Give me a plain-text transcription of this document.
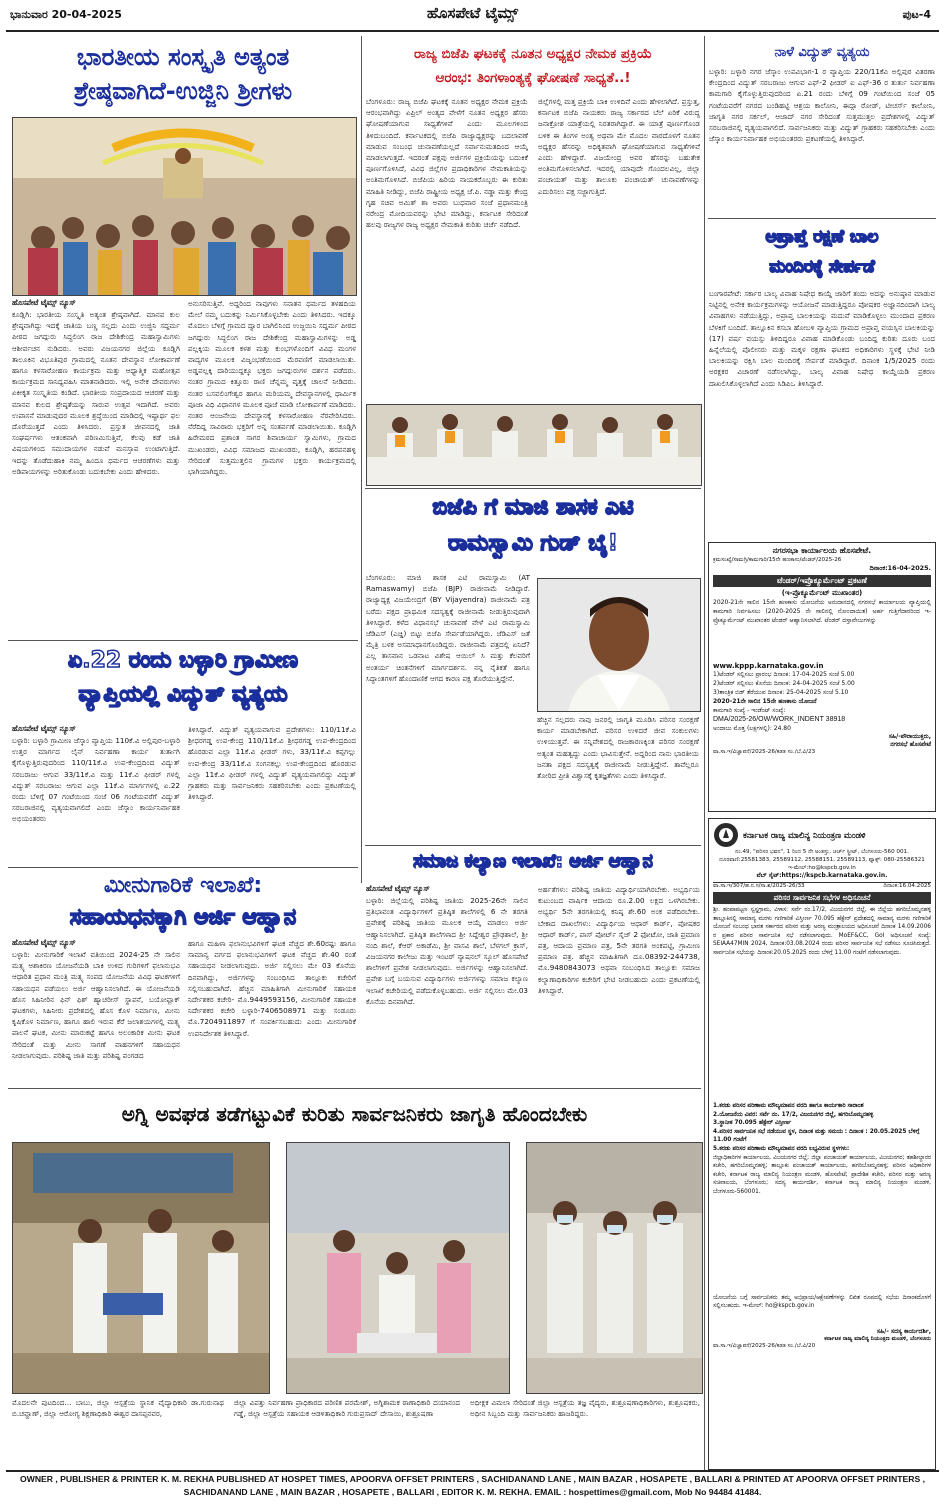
ಭಾನುವಾರ 20-04-2025	ಹೊಸಪೇಟೆ ಟೈಮ್ಸ್	ಪುಟ-4
ಭಾರತೀಯ ಸಂಸ್ಕೃತಿ ಅತ್ಯಂತ
ಶ್ರೇಷ್ಠವಾಗಿದೆ-ಉಜ್ಜಿನಿ ಶ್ರೀಗಳು

ಹೊಸಪೇಟೆ ಟೈಮ್ಸ್ ನ್ಯೂಸ್

ಕೂಡ್ಲಿಗಿ: ಭಾರತೀಯ ಸಂಸ್ಕೃತಿ ಅತ್ಯಂತ ಶ್ರೇಷ್ಠವಾಗಿದೆ. ಮಾನವ ಕುಲ ಶ್ರೇಷ್ಠವಾಗಿದ್ದು ಇದಕ್ಕೆ ಜಾತಿಯ ಬಣ್ಣ ಸಲ್ಲದು ಎಂದು ಉಜ್ಜಿನಿ ಸದ್ದರ್ಮ ಪೀಠದ ಜಗದ್ಗುರು ಸಿದ್ಧಲಿಂಗ ರಾಜ ದೇಶಿಕೇಂದ್ರ ಮಹಾಸ್ವಾಮಿಗಳು ಆಶೀರ್ವಚನ ನುಡಿದರು. ಅವರು ವಿಜಯನಗರ ಜಿಲ್ಲೆಯ ಕೂಡ್ಲಿಗಿ ತಾಲೂಕಿನ ವಿಭೂತಿಪುರ ಗ್ರಾಮದಲ್ಲಿ ನೂತನ ದೇವಸ್ಥಾನ ಲೋಕಾರ್ಪಣೆ ಹಾಗೂ ಕಳಸಾರೋಹಣ ಕಾರ್ಯಕ್ರಮ ಮತ್ತು ಆಧ್ಯಾತ್ಮಿಕ ಮಹೋತ್ಸವ ಕಾರ್ಯಕ್ರಮದ ಸಾನಿಧ್ಯವಹಿಸಿ ಮಾತನಾಡಿದರು. ಇಲ್ಲಿ ಅನೇಕ ದೇವರುಗಳು ಏಕೀಕೃತ ಸಂಸ್ಕೃತಿಯ ಕಂಡಿದೆ. ಭಾರತೀಯ ಸಂಪ್ರದಾಯದ ಆಚರಣೆ ಮತ್ತು ಮಾನವ ಕುಲದ ಶ್ರೇಷ್ಠತೆಯನ್ನು ಸಾರುವ ಉತ್ಸವ ಇದಾಗಿದೆ. ಅವರು ಉಪಾಸನೆ ಮಾಡುವುದರ ಮೂಲಕ ಶ್ರದ್ಧೆಯಿಂದ ಮಾಡಿದಲ್ಲಿ ಇಷ್ಟಾರ್ಥ ಫಲ ದೊರೆಯುತ್ತದೆ ಎಂದು ತಿಳಿಸಿದರು. ಪ್ರಸ್ತುತ ಜೀವನದಲ್ಲಿ ಜಾತಿ ಸಂಘರ್ಷಗಳು ಆತಂಕವಾಗಿ ಪರಿಣಮಿಸುತ್ತಿವೆ, ಕೆಲವು ಕಡೆ ಜಾತಿ ವಿಷಯಗಳಿಂದ ಸಮುದಾಯಗಳ ನಡುವೆ ಮನಸ್ತಾಪ ಉಂಟಾಗುತ್ತಿದೆ. ಇದನ್ನು ತೊಡೆದುಹಾಕಿ ನಮ್ಮ ಹಿಂದೂ ಧರ್ಮದ ಆಚರಣೆಗಳು ಮತ್ತು ಅಡಿಪಾಯಗಳನ್ನು ಅರಿತುಕೊಂಡು ಬದುಕಬೇಕು ಎಂದು ಹೇಳಿದರು.

ಅನುಸರಿಸುತ್ತಿವೆ. ಅದ್ದರಿಂದ ನಾವುಗಳು ಸನಾತನ ಧರ್ಮದ ತಳಹದಿಯ ಮೇಲೆ ನಮ್ಮ ಬದುಕನ್ನು ನಿರ್ಮಿಸಿಕೊಳ್ಳಬೇಕು ಎಂದು ತಿಳಿಸಿದರು. ಇದಕ್ಕೂ ಮೊದಲು ಬೆಳಿಗ್ಗೆ ಗ್ರಾಮದ ದ್ವಾರ ಬಾಗಿಲಿನಿಂದ ಉಜ್ಜಯಿನಿ ಸದ್ದರ್ಮ ಪೀಠದ ಜಗದ್ಗುರು ಸಿದ್ಧಲಿಂಗ ರಾಜ ದೇಶಿಕೇಂದ್ರ ಮಹಾಸ್ವಾಮಿಗಳನ್ನು ಅಡ್ಡ ಪಲ್ಲಕ್ಕಿಯ ಮೂಲಕ ಕಳಶ ಮತ್ತು ಕುಂಭಗಳೊಂದಿಗೆ ವಿವಿಧ ಮಂಗಳ ವಾದ್ಯಗಳ ಮೂಲಕ ವಿಜೃಂಭಣೆಯಿಂದ ಮೆರವಣಿಗೆ ಮಾಡಲಾಯಿತು. ಅಡ್ಡಪಲ್ಲಕ್ಕಿ ದಾರಿಯುದ್ದಕ್ಕೂ ಭಕ್ತರು ಜಗದ್ಗುರುಗಳ ದರ್ಶನ ಪಡೆದರು. ನಂತರ ಗ್ರಾಮದ ಕಿತ್ತೂರು ರಾಣಿ ಚೆನ್ನಮ್ಮ ವೃತ್ತಕ್ಕೆ ಚಾಲನೆ ನೀಡಿದರು. ನಂತರ ಬಸವಲಿಂಗೇಶ್ವರ ಹಾಗೂ ಮರಿಯಮ್ಮ ದೇವಸ್ಥಾನಗಳಲ್ಲಿ ಧಾರ್ಮಿಕ ಪೂಜಾ ವಿಧಿ ವಿಧಾನಗಳ ಮೂಲಕ ಪೂಜೆ ಮಾಡಿ ಲೋಕಾರ್ಪಣೆ ಮಾಡಿದರು. ನಂತರ ಆಂಜನೇಯ ದೇವಸ್ಥಾನಕ್ಕೆ ಕಳಸಾರೋಹಣ ನೆರವೇರಿಸಿದರು. ನೆರೆದಿದ್ದ ಸಾವಿರಾರು ಭಕ್ತರಿಗೆ ಅನ್ನ ಸಂತರ್ಪಣೆ ಮಾಡಲಾಯಿತು. ಕೂಡ್ಲಿಗಿ ಹಿರೇಮಠದ ಪ್ರಶಾಂತ ಸಾಗರ ಶಿವಾಚಾರ್ಯ ಸ್ವಾಮಿಗಳು, ಗ್ರಾಮದ ಮುಖಂಡರು, ವಿವಿಧ ಸಮಾಜದ ಮುಖಂಡರು, ಕೂಡ್ಲಿಗಿ, ಹರಪನಹಳ್ಳಿ ಸೇರಿದಂತೆ ಸುತ್ತಮುತ್ತಲಿನ ಗ್ರಾಮಗಳ ಭಕ್ತರು ಕಾರ್ಯಕ್ರಮದಲ್ಲಿ ಭಾಗಿಯಾಗಿದ್ದರು.

ಏ.22 ರಂದು ಬಳ್ಳಾರಿ ಗ್ರಾಮೀಣ
ವ್ಯಾಪ್ತಿಯಲ್ಲಿ ವಿದ್ಯುತ್ ವ್ಯತ್ಯಯ

ಹೊಸಪೇಟೆ ಟೈಮ್ಸ್ ನ್ಯೂಸ್

ಬಳ್ಳಾರಿ: ಬಳ್ಳಾರಿ ಗ್ರಾಮೀಣ ಜೆಸ್ಕಾಂ ವ್ಯಾಪ್ತಿಯ 110ಕೆ.ವಿ ಅಲ್ಲಿಪುರ-ಬಳ್ಳಾರಿ ಉತ್ತರ ಮಾರ್ಗದ ಲೈನ್ ನಿರ್ವಹಣಾ ಕಾರ್ಯ ತುರ್ತಾಗಿ ಕೈಗೊಳ್ಳುತ್ತಿರುವುದರಿಂದ 110/11ಕೆ.ವಿ ಉಪ-ಕೇಂದ್ರದಿಂದ ವಿದ್ಯುತ್ ಸರಬರಾಜು ಆಗುವ 33/11ಕೆ.ವಿ ಮತ್ತು 11ಕೆ.ವಿ ಫೀಡರ್ ಗಳಲ್ಲಿ ವಿದ್ಯುತ್ ಸರಬರಾಜು ಆಗುವ ಎಲ್ಲಾ 11ಕೆ.ವಿ ಮಾರ್ಗಗಳಲ್ಲಿ ಏ.22 ರಂದು ಬೆಳಿಗ್ಗೆ 07 ಗಂಟೆಯಿಂದ ಸಂಜೆ 06 ಗಂಟೆಯವರೆಗೆ ವಿದ್ಯುತ್ ಸರಬರಾಜಿನಲ್ಲಿ ವ್ಯತ್ಯಯವಾಗಲಿದೆ ಎಂದು ಜೆಸ್ಕಾಂ ಕಾರ್ಯನಿರ್ವಾಹಕ ಅಭಿಯಂತರರು

ತಿಳಿಸಿದ್ದಾರೆ. ವಿದ್ಯುತ್ ವ್ಯತ್ಯಯವಾಗುವ ಪ್ರದೇಶಗಳು: 110/11ಕೆ.ವಿ ಶ್ರೀಧರಗಡ್ಡ ಉಪ-ಕೇಂದ್ರ 110/11ಕೆ.ವಿ ಶ್ರೀಧರಗಡ್ಡ ಉಪ-ಕೇಂದ್ರದಿಂದ ಹೊರಡುವ ಎಲ್ಲಾ 11ಕೆ.ವಿ ಫೀಡರ್ ಗಳು, 33/11ಕೆ.ವಿ ಕಪ್ಪಗಲ್ಲು ಉಪ-ಕೇಂದ್ರ 33/11ಕೆ.ವಿ ಸಂಗನಕಲ್ಲು ಉಪ-ಕೇಂದ್ರದಿಂದ ಹೊರಡುವ ಎಲ್ಲಾ 11ಕೆ.ವಿ ಫೀಡರ್ ಗಳಲ್ಲಿ ವಿದ್ಯುತ್ ವ್ಯತ್ಯಯವಾಗಲಿದ್ದು ವಿದ್ಯುತ್ ಗ್ರಾಹಕರು ಮತ್ತು ಸಾರ್ವಜನಿಕರು ಸಹಕರಿಸಬೇಕು ಎಂದು ಪ್ರಕಟಣೆಯಲ್ಲಿ ತಿಳಿಸಿದ್ದಾರೆ.

ಮೀನುಗಾರಿಕೆ ಇಲಾಖೆ:
ಸಹಾಯಧನಕ್ಕಾಗಿ ಅರ್ಜಿ ಆಹ್ವಾನ

ಹೊಸಪೇಟೆ ಟೈಮ್ಸ್ ನ್ಯೂಸ್

ಬಳ್ಳಾರಿ: ಮೀನುಗಾರಿಕೆ ಇಲಾಖೆ ವತಿಯಿಂದ 2024-25 ನೇ ಸಾಲಿನ ಮತ್ಸ್ಯ ಆಶಾಕಿರಣ ಯೋಜನೆಯಡಿ ಬಾಕಿ ಉಳಿದ ಗುರಿಗಳಿಗೆ ಫಲಾನುಭವಿ ಆಧಾರಿತ ಪ್ರಧಾನ ಮಂತ್ರಿ ಮತ್ಸ್ಯ ಸಂಪದ ಯೋಜನೆಯ ವಿವಿಧ ಘಟಕಗಳಿಗೆ ಸಹಾಯಧನ ಪಡೆಯಲು ಅರ್ಜಿ ಆಹ್ವಾನಿಸಲಾಗಿದೆ. ಈ ಯೋಜನೆಯಡಿ ಹೊಸ ಸಿಹಿನೀರಿನ ಫಿನ್ ಫಿಶ್ ಹ್ಯಾಚರೀಸ್ ಸ್ಥಾಪನೆ, ಬಯೋಫ್ಲಾಕ್ ಘಟಕಗಳು, ಸಿಹಿನೀರು ಪ್ರದೇಶದಲ್ಲಿ ಹೊಸ ಕೊಳ ನಿರ್ಮಾಣ, ಮೀನು ಕೃಷಿಕೊಳ ನಿರ್ಮಾಣ, ಹಾಗೂ ಹಾಲಿ ಇರುವ ಕೆರೆ ಜಲಾಶಯಗಳಲ್ಲಿ ಮತ್ಸ್ಯ ಪಾಲನೆ ಘಟಕ, ಮೀನು ಮಾರುಕಟ್ಟೆ ಹಾಗೂ ಅಲಂಕಾರಿಕ ಮೀನು ಘಟಕ ಸೇರಿದಂತೆ ಮತ್ತು ಮೀನು ಸಾಗಣೆ ವಾಹನಗಳಿಗೆ ಸಹಾಯಧನ ನೀಡಲಾಗುವುದು. ಪರಿಶಿಷ್ಟ ಜಾತಿ ಮತ್ತು ಪರಿಶಿಷ್ಟ ಪಂಗಡದ

ಹಾಗೂ ಮಹಿಳಾ ಫಲಾನುಭವಿಗಳಿಗೆ ಘಟಕ ವೆಚ್ಚದ ಶೇ.60ರಷ್ಟು ಹಾಗೂ ಸಾಮಾನ್ಯ ವರ್ಗದ ಫಲಾನುಭವಿಗಳಿಗೆ ಘಟಕ ವೆಚ್ಚದ ಶೇ.40 ರಂತೆ ಸಹಾಯಧನ ನೀಡಲಾಗುವುದು. ಅರ್ಜಿ ಸಲ್ಲಿಸಲು ಮೇ 03 ಕೊನೆಯ ದಿನವಾಗಿದ್ದು, ಅರ್ಜಿಗಳನ್ನು ಸಂಬಂಧಿಸಿದ ತಾಲ್ಲೂಕು ಕಚೇರಿಗೆ ಸಲ್ಲಿಸಬಹುದಾಗಿದೆ. ಹೆಚ್ಚಿನ ಮಾಹಿತಿಗಾಗಿ ಮೀನುಗಾರಿಕೆ ಸಹಾಯಕ ನಿರ್ದೇಶಕರ ಕಚೇರಿ- ಮೊ.9449593156, ಮೀನುಗಾರಿಕೆ ಸಹಾಯಕ ನಿರ್ದೇಶಕರ ಕಚೇರಿ ಬಳ್ಳಾರಿ-7406508971 ಮತ್ತು ಸಂಡೂರು ಮೊ.7204911897 ಗೆ ಸಂಪರ್ಕಿಸಬಹುದು ಎಂದು ಮೀನುಗಾರಿಕೆ ಉಪನಿರ್ದೇಶಕ ತಿಳಿಸಿದ್ದಾರೆ.

ರಾಜ್ಯ ಬಿಜೆಪಿ ಘಟಕಕ್ಕೆ ನೂತನ ಅಧ್ಯಕ್ಷರ ನೇಮಕ ಪ್ರಕ್ರಿಯೆ
ಆರಂಭ: ತಿಂಗಳಾಂತ್ಯಕ್ಕೆ ಘೋಷಣೆ ಸಾಧ್ಯತೆ..!

ಬೆಂಗಳೂರು: ರಾಜ್ಯ ಬಿಜೆಪಿ ಘಟಕಕ್ಕೆ ನೂತನ ಅಧ್ಯಕ್ಷರ ನೇಮಕ ಪ್ರಕ್ರಿಯೆ ಆರಂಭವಾಗಿದ್ದು ಏಪ್ರಿಲ್ ಅಂತ್ಯದ ವೇಳೆಗೆ ನೂತನ ಅಧ್ಯಕ್ಷರ ಹೆಸರು ಘೋಷಣೆಯಾಗುವ ಸಾಧ್ಯತೆಗಳಿವೆ ಎಂದು ಮೂಲಗಳಿಂದ ತಿಳಿದುಬಂದಿದೆ. ಕರ್ನಾಟಕದಲ್ಲಿ ಬಿಜೆಪಿ ರಾಜ್ಯಾಧ್ಯಕ್ಷರನ್ನು ಬದಲಾವಣೆ ಮಾಡುವ ಸಂಬಂಧ ಚುನಾವಣೆಯಲ್ಲದೆ ಸರ್ವಾನುಮತದಿಂದ ಆಯ್ಕೆ ಮಾಡಲಾಗುತ್ತದೆ. ಇದರಂತೆ ಪಕ್ಷವು ಅರ್ಜಿಗಳ ಪ್ರಕ್ರಿಯೆಯನ್ನು ಬದುಕಿಕೆ ಪೂರ್ಣಗೊಳಿಸಿದೆ, ವಿವಿಧ ಜಿಲ್ಲೆಗಳ ಪ್ರದಾಧಿಕಾರಿಗಳ ನೇಮಕಾತಿಯನ್ನು ಅಂತಿಮಗೊಳಿಸಿದೆ. ಬಿಜೆಪಿಯ ಹಿರಿಯ ನಾಯಕರೊಬ್ಬರು ಈ ಕುರಿತು ಮಾಹಿತಿ ನೀಡಿದ್ದು, ಬಿಜೆಪಿ ರಾಷ್ಟ್ರೀಯ ಅಧ್ಯಕ್ಷ ಜೆ.ಪಿ. ನಡ್ಡಾ ಮತ್ತು ಕೇಂದ್ರ ಗೃಹ ಸಚಿವ ಅಮಿತ್ ಶಾ ಅವರು ಬುಧವಾರ ಸಂಜೆ ಪ್ರಧಾನಮಂತ್ರಿ ನರೇಂದ್ರ ಮೋದಿಯವರನ್ನು ಭೇಟಿ ಮಾಡಿದ್ದು, ಕರ್ನಾಟಕ ಸೇರಿದಂತೆ ಹಲವು ರಾಜ್ಯಗಳ ರಾಜ್ಯ ಅಧ್ಯಕ್ಷರ ನೇಮಕಾತಿ ಕುರಿತು ಚರ್ಚೆ ನಡೆದಿದೆ.

ಜಿಲ್ಲೆಗಳಲ್ಲಿ ಮತ್ತ ಪ್ರಕ್ರಿಯೆ ಬಾಕಿ ಉಳಿದಿವೆ ಎಂದು ಹೇಳಲಾಗಿದೆ. ಪ್ರಸ್ತುತ್ತ, ಕರ್ನಾಟಕ ಬಿಜೆಪಿ ನಾಯಕರು ರಾಜ್ಯ ಸರ್ಕಾರದ ಬೆಲೆ ಏರಿಕೆ ವಿರುದ್ಧ ಜನಾಕ್ರೋಶ ಯಾತ್ರೆಯಲ್ಲಿ ನಿರತರಾಗಿದ್ದಾರೆ. ಈ ಯಾತ್ರೆ ಪೂರ್ಣಗೊಂಡ ಬಳಿಕ ಈ ತಿಂಗಳ ಅಂತ್ಯ ಅಥವಾ ಮೇ ಮೊದಲ ವಾರದೊಳಗೆ ನೂತನ ಅಧ್ಯಕ್ಷರ ಹೆಸರನ್ನು ಅಧಿಕೃತವಾಗಿ ಘೋಷಣೆಯಾಗುವ ಸಾಧ್ಯತೆಗಳಿವೆ ಎಂದು ಹೇಳಿದ್ದಾರೆ. ವಿಜಯೇಂದ್ರ ಅವರ ಹೆಸರನ್ನು ಬಹುತೇಕ ಅಂತಿಮಗೊಳಿಸಲಾಗಿದೆ. ಇದರಲ್ಲಿ ಯಾವುದೇ ಗೊಂದಲವಿಲ್ಲ, ಜಿಲ್ಲಾ ಪಂಚಾಯತ್ ಮತ್ತು ತಾಲೂಕು ಪಂಚಾಯತ್ ಚುನಾವಣೆಗಳನ್ನು ಎದುರಿಸಲು ಪಕ್ಷ ಸಜ್ಜಾಗುತ್ತಿದೆ.

ಬಿಜೆಪಿ ಗೆ ಮಾಜಿ ಶಾಸಕ ಎಟಿ
ರಾಮಸ್ವಾಮಿ ಗುಡ್ ಬೈ!

ಬೆಂಗಳೂರು: ಮಾಜಿ ಶಾಸಕ ಎಟಿ ರಾಮಸ್ವಾಮಿ (AT Ramaswamy) ಬಿಜೆಪಿ (BJP) ರಾಜೀನಾಮೆ ನೀಡಿದ್ದಾರೆ. ರಾಜ್ಯಾಧ್ಯಕ್ಷ ವಿಜಯೇಂದ್ರಗೆ (BY Vijayendra) ರಾಜೀನಾಮೆ ಪತ್ರ ಬರೆದು ಪಕ್ಷದ ಪ್ರಾಥಮಿಕ ಸದಸ್ಯತ್ವಕ್ಕೆ ರಾಜೀನಾಮೆ ನೀಡುತ್ತಿರುವುದಾಗಿ ತಿಳಿಸಿದ್ದಾರೆ. ಕಳೆದ ವಿಧಾನಸಭೆ ಚುನಾವಣೆ ವೇಳೆ ಎಟಿ ರಾಮಸ್ವಾಮಿ ಜೆಡಿಎಸ್ (ಎಚ್ಡಿ) ಬಿಟ್ಟು ಬಿಜೆಪಿ ಸೇರ್ಪಡೆಯಾಗಿದ್ದರು. ಜೆಡಿಎಸ್ ಜತೆ ಮೈತ್ರಿ ಬಳಕ ಅಸಮಾಧಾನಗೊಂಡಿದ್ದರು. ರಾಜೀನಾಮೆ ಪತ್ರದಲ್ಲಿ ಏನಿದೆ? ಎಲ್ಲ ತಾಸವಾನ ಒಡನಾಟ ವಿಶೇಷ ಆಯಿಲ್ ಸಿ ಮತ್ತು ಕೆಲವರಿಗೆ ಅಂತರ್ಯ ಚಿಂತನೆಗಳಿಗೆ ಮಾರ್ಗದರ್ಶನ. ನನ್ನ ನೈತಿಕತೆ ಹಾಗೂ ಸಿದ್ಧಾಂತಗಳಿಗೆ ಹೊಂದಾಣಿಕೆ ಆಗದ ಕಾರಣ ಪಕ್ಷ ತೊರೆಯುತ್ತಿದ್ದೇನೆ.

ಹೆಚ್ಚಿನ ಸಲ್ಲದರು ನಾವು ಜನರಲ್ಲಿ ಜಾಗೃತಿ ಮೂಡಿಸಿ ಪರಿಸರ ಸಂರಕ್ಷಣೆ ಕಾರ್ಯ ಮಾಡಬೇಕಾಗಿದೆ. ಪರಿಸರ ಉಳಿದರೆ ಜೀವ ಸಂಕುಲಗಳು ಉಳಿಯುತ್ತವೆ. ಈ ಸನ್ನಿವೇಶದಲ್ಲಿ ರಾಜಕಾರಣಕ್ಕಿಂತ ಪರಿಸರ ಸಂರಕ್ಷಣೆ ಅತ್ಯಂತ ಮಹತ್ವದ್ದು ಎಂದು ಭಾವಿಸುತ್ತೇನೆ. ಅದ್ದರಿಂದ ನಾನು ಭಾರತೀಯ ಜನತಾ ಪಕ್ಷದ ಸದಸ್ಯತ್ವಕ್ಕೆ ರಾಜೀನಾಮೆ ನೀಡುತ್ತಿದ್ದೇನೆ. ತಾವೆಲ್ಲರೂ ತೋರಿದ ಪ್ರೀತಿ ವಿಶ್ವಾಸಕ್ಕೆ ಕೃತಜ್ಞತೆಗಳು ಎಂದು ತಿಳಿಸಿದ್ದಾರೆ.

ಸಮಾಜ ಕಲ್ಯಾಣ ಇಲಾಖೆ: ಅರ್ಜಿ ಆಹ್ವಾನ

ಹೊಸಪೇಟೆ ಟೈಮ್ಸ್ ನ್ಯೂಸ್

ಬಳ್ಳಾರಿ: ಜಿಲ್ಲೆಯಲ್ಲಿ ಪರಿಶಿಷ್ಟ ಜಾತಿಯ 2025-26ನೇ ಸಾಲಿನ ಪ್ರತಿಭಾವಂತ ವಿದ್ಯಾರ್ಥಿಗಳಿಗೆ ಪ್ರತಿಷ್ಠಿತ ಶಾಲೆಗಳಲ್ಲಿ 6 ನೇ ತರಗತಿ ಪ್ರವೇಶಕ್ಕೆ ಪರಿಶಿಷ್ಟ ಜಾತಿಯ ಮೂಲಕ ಆಯ್ಕೆ ಮಾಡಲು ಅರ್ಜಿ ಆಹ್ವಾನಿಸಲಾಗಿದೆ. ಪ್ರತಿಷ್ಠಿತ ಶಾಲೆಗಳಾದ ಶ್ರೀ ಸಿದ್ದೇಶ್ವರ ಪ್ರೌಢಶಾಲೆ, ಶ್ರೀ ನಂದಿ ಶಾಲೆ, ಕೆಆರ್ ಅಕಾಡೆಮಿ, ಶ್ರೀ ವಾಸವಿ ಶಾಲೆ, ಬೆಳಗಲ್ ಕ್ರಾಸ್, ವಿಜಯನಗರ ಕಾಲೇಜು ಮತ್ತು ಇಂಟರ್ ನ್ಯಾಷನಲ್ ಸ್ಕೂಲ್ ಹೊಸಪೇಟೆ ಶಾಲೆಗಳಿಗೆ ಪ್ರವೇಶ ನೀಡಲಾಗುವುದು. ಅರ್ಜಿಗಳನ್ನು ಆಹ್ವಾನಿಸಲಾಗಿದೆ. ಪ್ರವೇಶ ಬಗ್ಗೆ ಬಯಸುವ ವಿದ್ಯಾರ್ಥಿಗಳು ಅರ್ಜಿಗಳನ್ನು ಸಮಾಜ ಕಲ್ಯಾಣ ಇಲಾಖೆ ಕಚೇರಿಯಲ್ಲಿ ಪಡೆದುಕೊಳ್ಳಬಹುದು. ಅರ್ಜಿ ಸಲ್ಲಿಸಲು ಮೇ.03 ಕೊನೆಯ ದಿನವಾಗಿದೆ.

ಅರ್ಹತೆಗಳು: ಪರಿಶಿಷ್ಟ ಜಾತಿಯ ವಿದ್ಯಾರ್ಥಿಯಾಗಿರಬೇಕು. ಅಭ್ಯರ್ಥಿಯ ಕುಟುಂಬದ ವಾರ್ಷಿಕ ಆದಾಯ ರೂ.2.00 ಲಕ್ಷದ ಒಳಗಿರಬೇಕು. ಅಭ್ಯರ್ಥಿ 5ನೇ ತರಗತಿಯಲ್ಲಿ ಕನಿಷ್ಠ ಶೇ.60 ಅಂಕ ಪಡೆದಿರಬೇಕು. ಬೇಕಾದ ದಾಖಲೆಗಳು: ವಿದ್ಯಾರ್ಥಿಯ ಆಧಾರ್ ಕಾರ್ಡ್, ಪೋಷಕರ ಆಧಾರ್ ಕಾರ್ಡ್, ಪಾಸ್ ಪೋರ್ಟ್ ಸೈಜ್ 2 ಫೋಟೋ, ಜಾತಿ ಪ್ರಮಾಣ ಪತ್ರ, ಆದಾಯ ಪ್ರಮಾಣ ಪತ್ರ, 5ನೇ ತರಗತಿ ಅಂಕಪಟ್ಟಿ, ಗ್ರಾಮೀಣ ಪ್ರಮಾಣ ಪತ್ರ. ಹೆಚ್ಚಿನ ಮಾಹಿತಿಗಾಗಿ ದೂ.08392-244738, ಮೊ.9480843073 ಅಥವಾ ಸಂಬಂಧಿಸಿದ ತಾಲ್ಲೂಕು ಸಮಾಜ ಕಲ್ಯಾಣಾಧಿಕಾರಿಗಳ ಕಚೇರಿಗೆ ಭೇಟಿ ನೀಡಬಹುದು ಎಂದು ಪ್ರಕಟಣೆಯಲ್ಲಿ ತಿಳಿಸಿದ್ದಾರೆ.

ನಾಳೆ ವಿದ್ಯುತ್ ವ್ಯತ್ಯಯ

ಬಳ್ಳಾರಿ: ಬಳ್ಳಾರಿ ನಗರ ಜೆಸ್ಕಾಂ ಉಪವಿಭಾಗ-1 ರ ವ್ಯಾಪ್ತಿಯ 220/11ಕೆವಿ ಅಲ್ಲಿಪುರ ವಿತರಣಾ ಕೇಂದ್ರದಿಂದ ವಿದ್ಯುತ್ ಸರಬರಾಜು ಆಗುವ ಎಫ್-2 ಫೀಡರ್ ಐ ಎಫ್-36 ರ ತುರ್ತು ನಿರ್ವಹಣಾ ಕಾಮಗಾರಿ ಕೈಗೊಳ್ಳುತ್ತಿರುವುದರಿಂದ ಏ.21 ರಂದು ಬೆಳಿಗ್ಗೆ 09 ಗಂಟೆಯಿಂದ ಸಂಜೆ 05 ಗಂಟೆಯವರೆಗೆ ನಗರದ ಬಂಡಿಹಟ್ಟಿ ಆಶ್ರಯ ಕಾಲೋನಿ, ಈದ್ಗಾ ರೋಡ್, ಟೀಚರ್ಸ್ ಕಾಲೋನಿ, ಜಾಗೃತಿ ನಗರ ಸರ್ಕಲ್, ಆಜಾದ್ ನಗರ ಸೇರಿದಂತೆ ಸುತ್ತಮುತ್ತಲ ಪ್ರದೇಶಗಳಲ್ಲಿ ವಿದ್ಯುತ್ ಸರಬರಾಜಿನಲ್ಲಿ ವ್ಯತ್ಯಯವಾಗಲಿದೆ. ಸಾರ್ವಜನಿಕರು ಮತ್ತು ವಿದ್ಯುತ್ ಗ್ರಾಹಕರು ಸಹಕರಿಸಬೇಕು ಎಂದು ಜೆಸ್ಕಾಂ ಕಾರ್ಯನಿರ್ವಾಹಕ ಅಭಿಯಂತರರು ಪ್ರಕಟಣೆಯಲ್ಲಿ ತಿಳಿಸಿದ್ದಾರೆ.

ಅಪ್ರಾಪ್ತೆ ರಕ್ಷಣೆ ಬಾಲ
ಮಂದಿರಕ್ಕೆ ಸೇರ್ಪಡೆ

ಬಂಗಾರಪೇಟೆ: ಸರ್ಕಾರ ಬಾಲ್ಯ ವಿವಾಹ ನಿಷೇಧ ಕಾಯ್ದೆ ಜಾರಿಗೆ ತಂದು ಅದನ್ನು ಅನುಷ್ಠಾನ ಮಾಡುವ ನಿಟ್ಟಿನಲ್ಲಿ ಅನೇಕ ಕಾರ್ಯಕ್ರಮಗಳನ್ನು ಆಯೋಜನೆ ಮಾಡುತ್ತಿದ್ದರೂ ಪೋಷಕರ ಅಜ್ಞಾನದಿಂದಾಗಿ ಬಾಲ್ಯ ವಿವಾಹಗಳು ನಡೆಯುತ್ತಿದ್ದು, ಅಪ್ರಾಪ್ತ ಬಾಲಕಿಯನ್ನು ಮದುವೆ ಮಾಡಿಕೊಳ್ಳಲು ಮುಂದಾದ ಪ್ರಕರಣ ಬೆಳಕಿಗೆ ಬಂದಿದೆ. ತಾಲ್ಲೂಕಿನ ಕಸಬಾ ಹೋಬಳಿ ವ್ಯಾಪ್ತಿಯ ಗ್ರಾಮದ ಅಪ್ರಾಪ್ತ ವಯಸ್ಸಿನ ಬಾಲಕಿಯನ್ನು (17) ವರ್ಷ ವಯಸ್ಸು ತಿಳಿದಿದ್ದರೂ ವಿವಾಹ ಮಾಡಿಕೊಂಡು ಬಂದಿದ್ದ ಕುರಿತು ದೂರು ಬಂದ ಹಿನ್ನೆಲೆಯಲ್ಲಿ ಪೊಲೀಸರು ಮತ್ತು ಮಕ್ಕಳ ರಕ್ಷಣಾ ಘಟಕದ ಅಧಿಕಾರಿಗಳು ಸ್ಥಳಕ್ಕೆ ಭೇಟಿ ನೀಡಿ ಬಾಲಕಿಯನ್ನು ರಕ್ಷಿಸಿ ಬಾಲ ಮಂದಿರಕ್ಕೆ ಸೇರ್ಪಡೆ ಮಾಡಿದ್ದಾರೆ. ದಿನಾಂಕ 1/5/2025 ರಂದು ಅರಕ್ಷಕರ ವಿಚಾರಣೆ ನಡೆಸಲಾಗಿದ್ದು, ಬಾಲ್ಯ ವಿವಾಹ ನಿಷೇಧ ಕಾಯ್ದೆಯಡಿ ಪ್ರಕರಣ ದಾಖಲಿಸಿಕೊಳ್ಳಲಾಗಿದೆ ಎಂದು ಸಿಡಿಪಿಒ ತಿಳಿಸಿದ್ದಾರೆ.

ನಗರಸಭಾ ಕಾರ್ಯಾಲಯ ಹೊಸಪೇಟೆ.
ಕ್ರಮಸಂಖ್ಯೆ/ಸಾಮಗ್ರಿ/ಕಾಮಗಾರಿ/15ನೇ ಹಣಕಾಸು/ಟೆಂಡರ್/2025-26
ದಿನಾಂಕ:16-04-2025.
ಟೆಂಡರ್/ಇಪ್ರೊಕ್ಯೂರ್ಮೆಂಟ್ ಪ್ರಕಟಣೆ
(ಇ-ಪ್ರೊಕ್ಯೂರ್ಮೆಂಟ್ ಮುಖಾಂತರ)
2020-21ನೇ ಸಾಲಿನ 15ನೇ ಹಣಕಾಸು ಯೋಜನೆಯ ಅನುದಾನದಲ್ಲಿ ನಗರಸಭೆ ಕಾರ್ಯಾಲಯ ವ್ಯಾಪ್ತಿಯಲ್ಲಿ ಕಾಮಗಾರಿ ನಿರ್ವಹಿಸಲು (2020-2025 ನೇ ಸಾಲಿನಲ್ಲಿ ನೋಂದಾಯಿತ) ಅರ್ಹ ಗುತ್ತಿಗೆದಾರರಿಂದ ಇ-ಪ್ರೊಕ್ಯೂರ್ಮೆಂಟ್ ಮುಖಾಂತರ ಟೆಂಡರ್ ಆಹ್ವಾನಿಸಲಾಗಿದೆ. ಟೆಂಡರ್ ದಸ್ತಾವೇಜುಗಳನ್ನು
www.kppp.karnataka.gov.in
1)ಟೆಂಡರ್ ಸಲ್ಲಿಸಲು ಪ್ರಾರಂಭ ದಿನಾಂಕ: 17-04-2025 ಸಂಜೆ 5.00
2)ಟೆಂಡರ್ ಸಲ್ಲಿಸಲು ಕೊನೆಯ ದಿನಾಂಕ: 24-04-2025 ಸಂಜೆ 5.00
3)ತಾಂತ್ರಿಕ ಬಿಡ್ ತೆರೆಯುವ ದಿನಾಂಕ: 25-04-2025 ಸಂಜೆ 5.10
2020-21ನೇ ಸಾಲಿನ 15ನೇ ಹಣಕಾಸು ಯೋಜನೆ
ಕಾಮಗಾರಿ ಸಂಖ್ಯೆ - ಇಂಡೆಂಟ್ ಸಂಖ್ಯೆ:
DMA/2025-26/OW/WORK_INDENT 38918
ಅಂದಾಜು ಮೊತ್ತ (ಲಕ್ಷಗಳಲ್ಲಿ): 24.80
ಸಹಿ/-ಪೌರಾಯುಕ್ತರು,
ನಗರಸಭೆ ಹೊಸಪೇಟೆ
ವಾ.ಸಾ.ಇ/ವಿಜ್ಞಾಪನೆ/2025-26/ಕಡತ ಸಂ./ಬೆ.ವಿ/23
ಕರ್ನಾಟಕ ರಾಜ್ಯ ಮಾಲಿನ್ಯ ನಿಯಂತ್ರಣ ಮಂಡಳಿ
ನಂ.49, "ಪರಿಸರ ಭವನ", 1 ರಿಂದ 5 ನೇ ಅಂತಸ್ತು, ಚರ್ಚ್ ಸ್ಟ್ರೀಟ್, ಬೆಂಗಳೂರು-560 001.
ದೂರವಾಣಿ:25581383, 25589112, 25588151, 25589113, ಫ್ಯಾಕ್ಸ್: 080-25586321
ಇ-ಮೇಲ್:ho@kspcb.gov.in
ವೆಬ್ ಸೈಟ್:https://kspcb.karnataka.gov.in.
ವಾ.ಸಾ.ಇ/307/ಹ.ನ.ಸ/ಸಾ.ಶ/2025-26/33	ದಿನಾಂಕ:16.04.2025
ಪರಿಸರ ಸಾರ್ವಜನಿಕ ಸಭೆಗಳ ಅಧಿಸೂಚನೆ
ಶ್ರೀ. ಹಂಪಾಪಟ್ಟಣ ಸ್ವಸ್ಥಗ್ರಾಮ, ವಿಳಾಸ: ಸರ್ವೆ ನಂ.17/2, ವಿಜಯನಗರ ಜಿಲ್ಲೆ, ಈ ಜಿಲ್ಲೆಯ ಹಗರಿಬೊಮ್ಮನಹಳ್ಳಿ ತಾಲ್ಲೂಕಿನಲ್ಲಿ ಸಾಮಾನ್ಯ ಮರಳು ಗಣಿಗಾರಿಕೆ ವಿಸ್ತೀರ್ಣ 70.095 ಹೆಕ್ಟೇರ್ ಪ್ರದೇಶದಲ್ಲಿ ಸಾಮಾನ್ಯ ಮರಳು ಗಣಿಗಾರಿಕೆ ಯೋಜನೆ ಸಂಬಂಧ ಭಾರತ ಸರ್ಕಾರದ ಪರಿಸರ ಮತ್ತು ಅರಣ್ಯ ಮಂತ್ರಾಲಯದ ಅಧಿಸೂಚನೆ ದಿನಾಂಕ 14.09.2006 ರ ಪ್ರಕಾರ ಪರಿಸರ ಸಾರ್ವಜನಿಕ ಸಭೆ ನಡೆಸಲಾಗುವುದು. MoEF&CC, GoI ಅಧಿಸೂಚನೆ ಸಂಖ್ಯೆ: SEIAA47MIN 2024, ದಿನಾಂಕ:03.08.2024 ರಂದು ಪರಿಸರ ಸಾರ್ವಜನಿಕ ಸಭೆ ನಡೆಸಲು ಸೂಚಿಸಿರುತ್ತದೆ. ಸಾರ್ವಜನಿಕ ಸಭೆಯನ್ನು ದಿನಾಂಕ:20.05.2025 ರಂದು ಬೆಳಿಗ್ಗೆ 11.00 ಗಂಟೆಗೆ ನಡೆಸಲಾಗುವುದು.
1.ಕರಡು ಪರಿಸರ ಪರಿಣಾಮ ಮೌಲ್ಯಮಾಪನ ವರದಿ ಹಾಗೂ ಕಾರ್ಯಕಾರಿ ಸಾರಾಂಶ
2.ಯೋಜನೆಯ ವಿವರ: ಸರ್ವೆ ನಂ. 17/2, ವಿಜಯನಗರ ಜಿಲ್ಲೆ, ಹಗರಿಬೊಮ್ಮನಹಳ್ಳಿ
3.ಸ್ಥಾನೀಕ 70.095 ಹೆಕ್ಟೇರ್ ವಿಸ್ತೀರ್ಣ
4.ಪರಿಸರ ಸಾರ್ವಜನಿಕ ಸಭೆ ನಡೆಯುವ ಸ್ಥಳ, ದಿನಾಂಕ ಮತ್ತು ಸಮಯ : ದಿನಾಂಕ : 20.05.2025 ಬೆಳಿಗ್ಗೆ 11.00 ಗಂಟೆಗೆ
5.ಕರಡು ಪರಿಸರ ಪರಿಣಾಮ ಮೌಲ್ಯಮಾಪನ ವರದಿ ಲಭ್ಯವಿರುವ ಸ್ಥಳಗಳು:
ಜಿಲ್ಲಾಧಿಕಾರಿಗಳ ಕಾರ್ಯಾಲಯ, ವಿಜಯನಗರ ಜಿಲ್ಲೆ; ಜಿಲ್ಲಾ ಪಂಚಾಯತ್ ಕಾರ್ಯಾಲಯ, ವಿಜಯನಗರ; ತಹಶೀಲ್ದಾರರ ಕಚೇರಿ, ಹಗರಿಬೊಮ್ಮನಹಳ್ಳಿ; ತಾಲ್ಲೂಕು ಪಂಚಾಯತ್ ಕಾರ್ಯಾಲಯ, ಹಗರಿಬೊಮ್ಮನಹಳ್ಳಿ; ಪರಿಸರ ಅಧಿಕಾರಿಗಳ ಕಚೇರಿ, ಕರ್ನಾಟಕ ರಾಜ್ಯ ಮಾಲಿನ್ಯ ನಿಯಂತ್ರಣ ಮಂಡಳಿ, ಹೊಸಪೇಟೆ; ಪ್ರಾದೇಶಿಕ ಕಚೇರಿ, ಪರಿಸರ ಮತ್ತು ಅರಣ್ಯ ಸಚಿವಾಲಯ, ಬೆಂಗಳೂರು; ಸದಸ್ಯ ಕಾರ್ಯದರ್ಶಿ, ಕರ್ನಾಟಕ ರಾಜ್ಯ ಮಾಲಿನ್ಯ ನಿಯಂತ್ರಣ ಮಂಡಳಿ, ಬೆಂಗಳೂರು-560001.
ಯೋಜನೆಯ ಬಗ್ಗೆ ಸಾರ್ವಜನಿಕರು ತಮ್ಮ ಅಭಿಪ್ರಾಯ/ಆಕ್ಷೇಪಣೆಗಳನ್ನು ಲಿಖಿತ ರೂಪದಲ್ಲಿ ಸಭೆಯ ದಿನಾಂಕದೊಳಗೆ ಸಲ್ಲಿಸಬಹುದು. ಇ-ಮೇಲ್: ho@kspcb.gov.in
ಸಹಿ/- ಸದಸ್ಯ ಕಾರ್ಯದರ್ಶಿ,
ಕರ್ನಾಟಕ ರಾಜ್ಯ ಮಾಲಿನ್ಯ ನಿಯಂತ್ರಣ ಮಂಡಳಿ, ಬೆಂಗಳೂರು
ವಾ.ಸಾ.ಇ/ವಿಜ್ಞಾಪನೆ/2025-26/ಕಡತ ಸಂ./ಬೆ.ವಿ/20
ಅಗ್ನಿ ಅವಘಡ ತಡೆಗಟ್ಟುವಿಕೆ ಕುರಿತು ಸಾರ್ವಜನಿಕರು ಜಾಗೃತಿ ಹೊಂದಬೇಕು

ಮೊದಲನೇ ಪುಟದಿಂದ... ಬಾಬು, ಜಿಲ್ಲಾ ಆಸ್ಪತ್ರೆಯ ಸ್ಥಾನಿಕ ವೈದ್ಯಾಧಿಕಾರಿ ಡಾ.ಗುರುನಾಥ ಬಿ.ಚವ್ಹಾಣ್, ಜಿಲ್ಲಾ ಆರೋಗ್ಯ ಶಿಕ್ಷಣಾಧಿಕಾರಿ ಈಶ್ವರ ದಾಸಪ್ಪನವರ,

ಜಿಲ್ಲಾ ವಿಪತ್ತು ನಿರ್ವಹಣಾ ಪ್ರಾಧಿಕಾರದ ಪರಿಣಿತ ಪರಮೇಶ್, ಅಗ್ನಿಶಾಮಕ ಠಾಣಾಧಿಕಾರಿ ದಯಾನಂದ ಗಡ್ಡೆ, ಜಿಲ್ಲಾ ಆಸ್ಪತ್ರೆಯ ಸಹಾಯಕ ಆಡಳಿತಾಧಿಕಾರಿ ಗುರುಪ್ರಸಾದ್ ದೇಸಾಯಿ, ಶುಶ್ರೂಷಣಾ

ಅಧೀಕ್ಷಕ ವಿಮಲಾ ಸೇರಿದಂತೆ ಜಿಲ್ಲಾ ಆಸ್ಪತ್ರೆಯ ತಜ್ಞ ವೈದ್ಯರು, ಶುಶ್ರೂಷಣಾಧಿಕಾರಿಗಳು, ಶುಶ್ರೂಷಕರು, ಅಧೀನ ಸಿಬ್ಬಂದಿ ಮತ್ತು ಸಾರ್ವಜನಿಕರು ಹಾಜರಿದ್ದರು.

OWNER , PUBLISHER & PRINTER K. M. REKHA PUBLISHED AT HOSPET TIMES, APOORVA OFFSET PRINTERS , SACHIDANAND LANE , MAIN BAZAR , HOSAPETE , BALLARI & PRINTED AT APOORVA OFFSET PRINTERS ,
SACHIDANAND LANE , MAIN BAZAR , HOSAPETE , BALLARI , EDITOR K. M. REKHA. EMAIL : hospettimes@gmail.com, Mob No 94484 41484.
